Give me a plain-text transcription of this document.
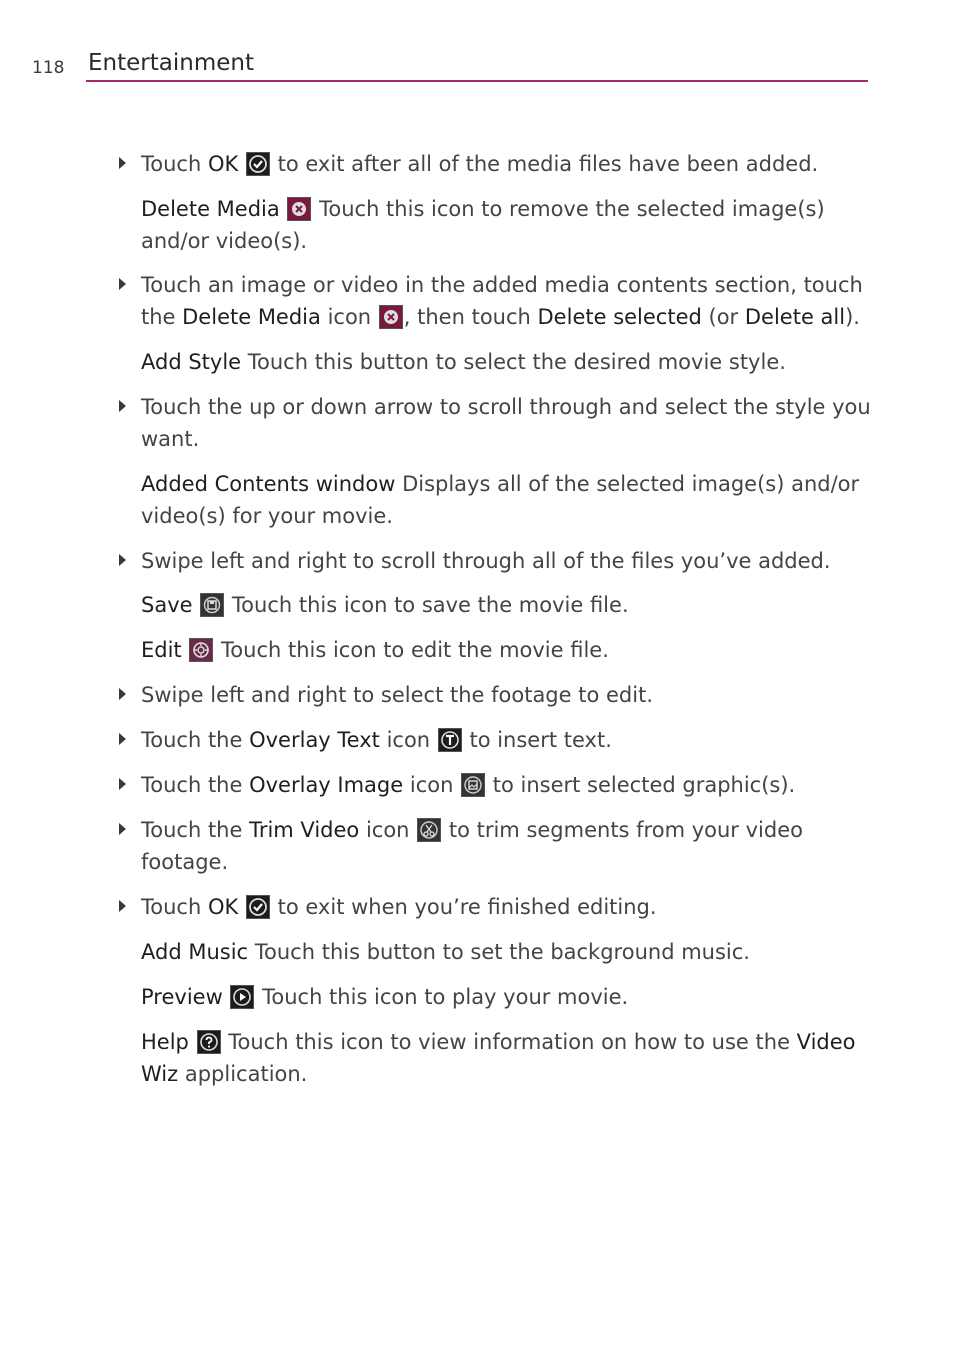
118 Entertainment
Touch OK
to exit after all of the media files have been added.
Delete Media
Touch this icon to remove the selected image(s) and/or video(s).
Touch an image or video in the added media contents section, touch the Delete Media icon
, then touch Delete selected (or Delete all).
Add Style Touch this button to select the desired movie style.
Touch the up or down arrow to scroll through and select the style you want.
Added Contents window Displays all of the selected image(s) and/or video(s) for your movie.
Swipe left and right to scroll through all of the files you’ve added.
Save
Touch this icon to save the movie file.
Edit
Touch this icon to edit the movie file.
Swipe left and right to select the footage to edit.
Touch the Overlay Text icon
to insert text.
Touch the Overlay Image icon
to insert selected graphic(s).
Touch the Trim Video icon
to trim segments from your video footage.
Touch OK
to exit when you’re finished editing.
Add Music Touch this button to set the background music.
Preview
Touch this icon to play your movie.
Help
Touch this icon to view information on how to use the Video Wiz application.
